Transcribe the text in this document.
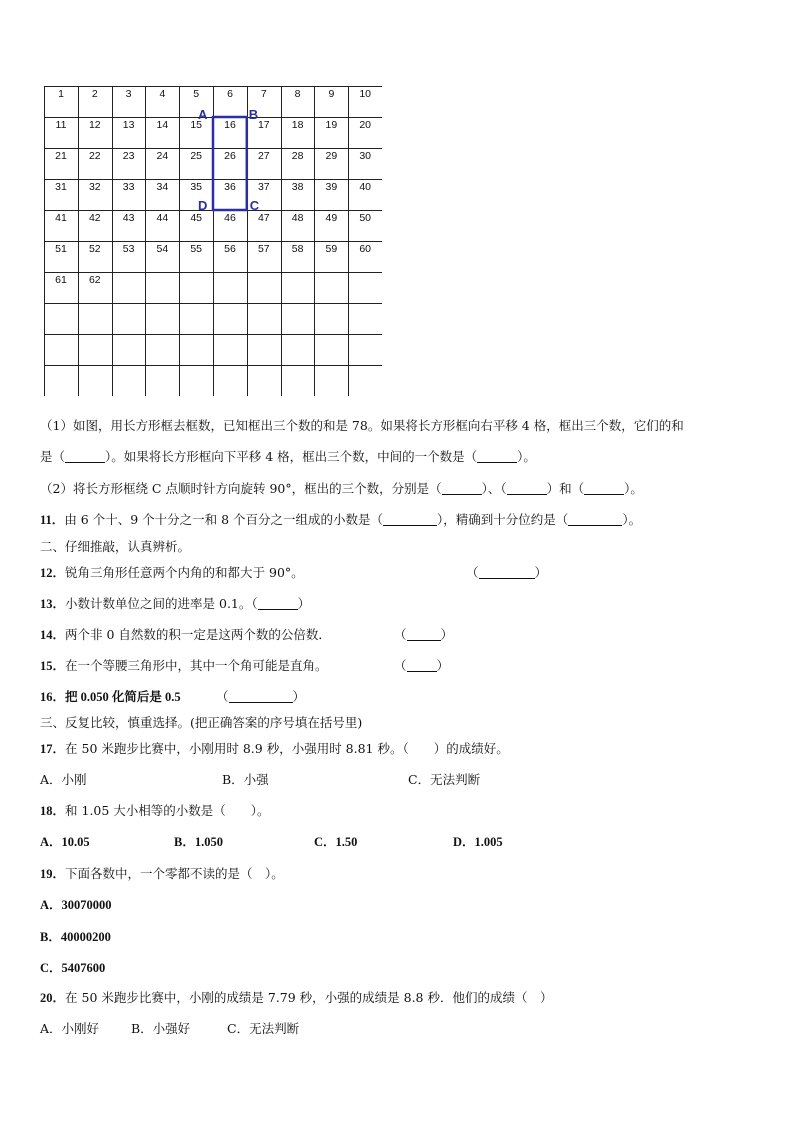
1	2	3	4	5	6	7	8	9	10
11	12	13	14	15	16	17	18	19	20
21	22	23	24	25	26	27	28	29	30
31	32	33	34	35	36	37	38	39	40
41	42	43	44	45	46	47	48	49	50
51	52	53	54	55	56	57	58	59	60
61	62
A	B
D	C
（1）如图，用长方形框去框数，已知框出三个数的和是 78。如果将长方形框向右平移 4 格，框出三个数，它们的和
是（	）。如果将长方形框向下平移 4 格，框出三个数，中间的一个数是（	）。
（2）将长方形框绕 C 点顺时针方向旋转 90°，框出的三个数，分别是（	）、（	）和（	）。
11．由 6 个十、9 个十分之一和 8 个百分之一组成的小数是（	），精确到十分位约是（	）。
二、仔细推敲，认真辨析。
12．锐角三角形任意两个内角的和都大于 90°。	（	）
13．小数计数单位之间的进率是 0.1。（	）
14．两个非 0 自然数的积一定是这两个数的公倍数．	（	）
15．在一个等腰三角形中，其中一个角可能是直角。	（ ）
16．把 0.050 化简后是 0.5	（	）
三、反复比较，慎重选择。(把正确答案的序号填在括号里)
17．在 50 米跑步比赛中，小刚用时 8.9 秒，小强用时 8.81 秒。（　　）的成绩好。
A．小刚	B．小强	C．无法判断
18．和 1.05 大小相等的小数是（　　）。
A．10.05	B．1.050	C．1.50	D．1.005
19．下面各数中，一个零都不读的是（　）。
A．30070000
B．40000200
C．5407600
20．在 50 米跑步比赛中，小刚的成绩是 7.79 秒，小强的成绩是 8.8 秒．他们的成绩（　）
A．小刚好	B．小强好	C．无法判断
